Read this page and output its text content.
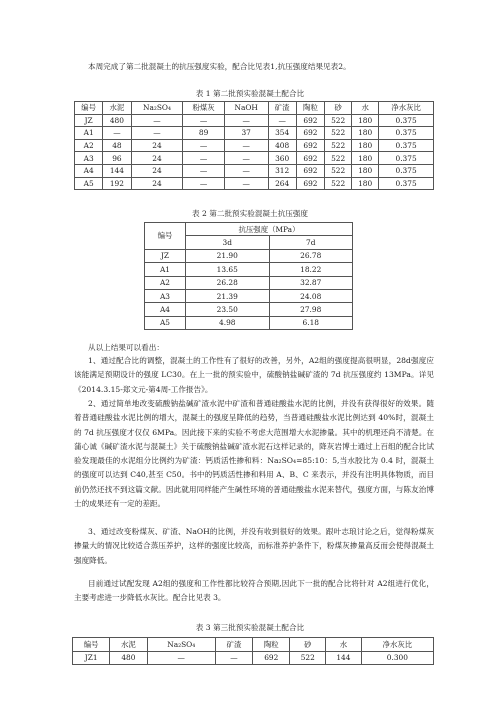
本周完成了第二批混凝土的抗压强度实验，配合比见表1,抗压强度结果见表2。

表 1 第二批预实验混凝土配合比
编号	水泥	Na₂SO₄	粉煤灰	NaOH	矿渣	陶粒	砂	水	净水灰比
JZ	480	—	—	—	—	692	522	180	0.375
A1	—	—	89	37	354	692	522	180	0.375
A2	48	24	—	—	408	692	522	180	0.375
A3	96	24	—	—	360	692	522	180	0.375
A4	144	24	—	—	312	692	522	180	0.375
A5	192	24	—	—	264	692	522	180	0.375
表 2 第二批预实验混凝土抗压强度
编号	抗压强度（MPa）	
	3d	7d
JZ	21.90	26.78
A1	13.65	18.22
A2	26.28	32.87
A3	21.39	24.08
A4	23.50	27.98
A5	4.98	6.18

从以上结果可以看出：

1、通过配合比的调整，混凝土的工作性有了很好的改善，另外，A2组的强度提高很明显，28d强度应该能满足预期设计的强度 LC30。在上一批的预实验中，硫酸钠盐碱矿渣的 7d 抗压强度约 13MPa。详见《2014.3.15-郑文元-第4周-工作报告》。

2、通过简单地改变硫酸钠盐碱矿渣水泥中矿渣和普通硅酸盐水泥的比例，并没有获得很好的效果。随着普通硅酸盐水泥比例的增大，混凝土的强度呈降低的趋势，当普通硅酸盐水泥比例达到 40%时，混凝土的 7d 抗压强度才仅仅 6MPa。因此接下来的实验不考虑大范围增大水泥掺量。其中的机理还尚不清楚。在蒲心诚《碱矿渣水泥与混凝土》关于硫酸钠盐碱矿渣水泥石这样记录的，降灰岩博士通过上百组的配合比试验发现最佳的水泥组分比例约为矿渣：钙质活性掺和料：Na₂SO₄=85:10：5,当水胶比为 0.4 时，混凝土的强度可以达到 C40,甚至 C50。书中的钙质活性掺和料用 A、B、C 来表示，并没有注明具体物质，而目前仍然还找不到这篇文献。因此就用同样能产生碱性环境的普通硅酸盐水泥来替代，强度方面，与陈友治博士的成果还有一定的差距。

3、通过改变粉煤灰、矿渣、NaOH的比例，并没有收到很好的效果。跟叶志琅讨论之后，觉得粉煤灰掺量大的情况比较适合蒸压养护，这样的强度比较高，而标准养护条件下，粉煤灰掺量高反而会使得混凝土强度降低。

目前通过试配发现 A2组的强度和工作性都比较符合预期,因此下一批的配合比将针对 A2组进行优化，主要考虑进一步降低水灰比。配合比见表 3。

表 3 第三批预实验混凝土配合比
编号	水泥	Na₂SO₄	矿渣	陶粒	砂	水	净水灰比
JZ1	480	—	—	692	522	144	0.300
